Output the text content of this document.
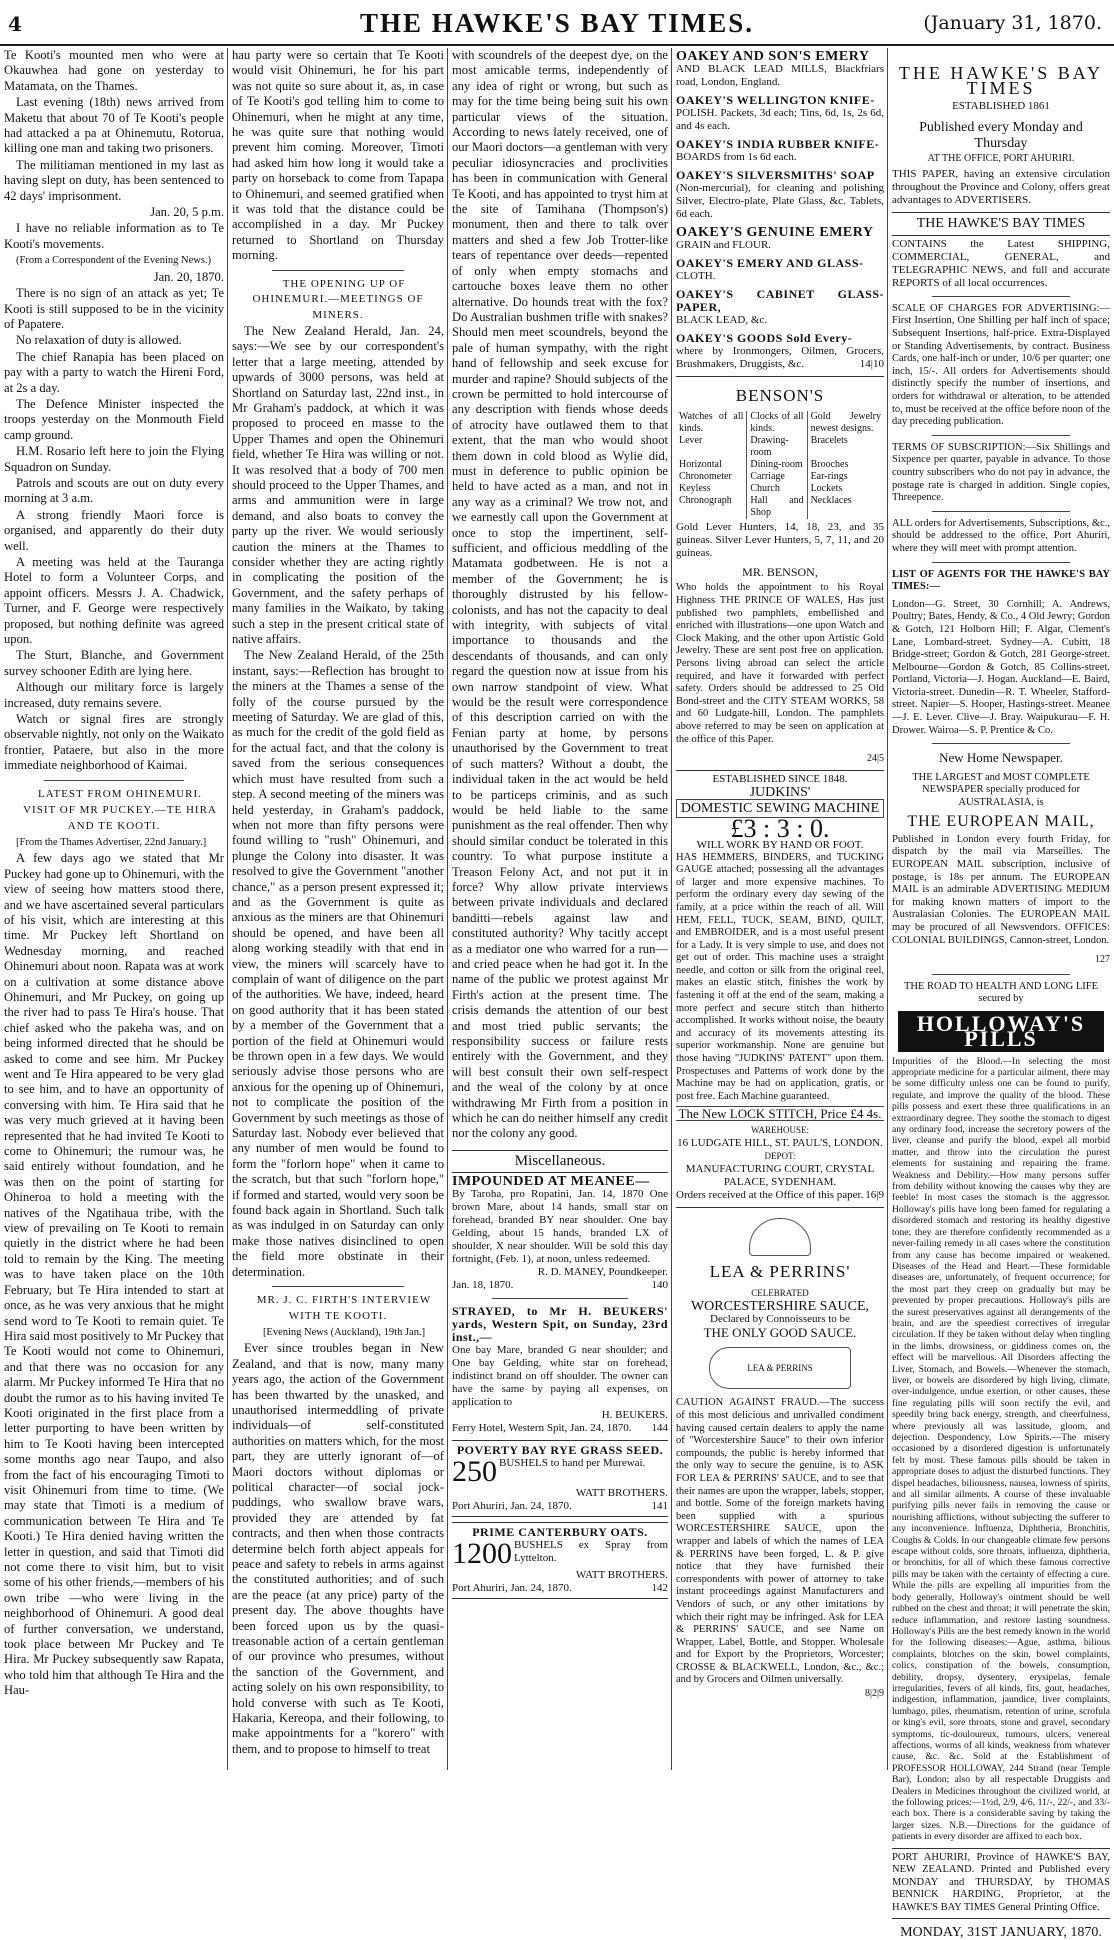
4	THE HAWKE'S BAY TIMES.	(January 31, 1870.

Te Kooti's mounted men who were at Okauwhea had gone on yesterday to Matamata, on the Thames.

Last evening (18th) news arrived from Maketu that about 70 of Te Kooti's people had attacked a pa at Ohinemutu, Rotorua, killing one man and taking two prisoners.

The militiaman mentioned in my last as having slept on duty, has been sentenced to 42 days' imprisonment.

Jan. 20, 5 p.m.

I have no reliable information as to Te Kooti's movements.

(From a Correspondent of the Evening News.)

Jan. 20, 1870.

There is no sign of an attack as yet; Te Kooti is still supposed to be in the vicinity of Papatere.

No relaxation of duty is allowed.

The chief Ranapia has been placed on pay with a party to watch the Hireni Ford, at 2s a day.

The Defence Minister inspected the troops yesterday on the Monmouth Field camp ground.

H.M. Rosario left here to join the Flying Squadron on Sunday.

Patrols and scouts are out on duty every morning at 3 a.m.

A strong friendly Maori force is organised, and apparently do their duty well.

A meeting was held at the Tauranga Hotel to form a Volunteer Corps, and appoint officers. Messrs J. A. Chadwick, Turner, and F. George were respectively proposed, but nothing definite was agreed upon.

The Sturt, Blanche, and Government survey schooner Edith are lying here.

Although our military force is largely increased, duty remains severe.

Watch or signal fires are strongly observable nightly, not only on the Waikato frontier, Pataere, but also in the more immediate neighborhood of Kaimai.

LATEST FROM OHINEMURI.

VISIT OF MR PUCKEY.—TE HIRA AND TE KOOTI.

[From the Thames Advertiser, 22nd January.]

A few days ago we stated that Mr Puckey had gone up to Ohinemuri, with the view of seeing how matters stood there, and we have ascertained several particulars of his visit, which are interesting at this time. Mr Puckey left Shortland on Wednesday morning, and reached Ohinemuri about noon. Rapata was at work on a cultivation at some distance above Ohinemuri, and Mr Puckey, on going up the river had to pass Te Hira's house. That chief asked who the pakeha was, and on being informed directed that he should be asked to come and see him. Mr Puckey went and Te Hira appeared to be very glad to see him, and to have an opportunity of conversing with him. Te Hira said that he was very much grieved at it having been represented that he had invited Te Kooti to come to Ohinemuri; the rumour was, he said entirely without foundation, and he was then on the point of starting for Ohineroa to hold a meeting with the natives of the Ngatihaua tribe, with the view of prevailing on Te Kooti to remain quietly in the district where he had been told to remain by the King. The meeting was to have taken place on the 10th February, but Te Hira intended to start at once, as he was very anxious that he might send word to Te Kooti to remain quiet. Te Hira said most positively to Mr Puckey that Te Kooti would not come to Ohinemuri, and that there was no occasion for any alarm. Mr Puckey informed Te Hira that no doubt the rumor as to his having invited Te Kooti originated in the first place from a letter purporting to have been written by him to Te Kooti having been intercepted some months ago near Taupo, and also from the fact of his encouraging Timoti to visit Ohinemuri from time to time. (We may state that Timoti is a medium of communication between Te Hira and Te Kooti.) Te Hira denied having written the letter in question, and said that Timoti did not come there to visit him, but to visit some of his other friends,—members of his own tribe —who were living in the neighborhood of Ohinemuri. A good deal of further conversation, we understand, took place between Mr Puckey and Te Hira. Mr Puckey subsequently saw Rapata, who told him that although Te Hira and the Hau-

hau party were so certain that Te Kooti would visit Ohinemuri, he for his part was not quite so sure about it, as, in case of Te Kooti's god telling him to come to Ohinemuri, when he might at any time, he was quite sure that nothing would prevent him coming. Moreover, Timoti had asked him how long it would take a party on horseback to come from Tapapa to Ohinemuri, and seemed gratified when it was told that the distance could be accomplished in a day. Mr Puckey returned to Shortland on Thursday morning.

THE OPENING UP OF OHINEMURI.—MEETINGS OF MINERS.

The New Zealand Herald, Jan. 24, says:—We see by our correspondent's letter that a large meeting, attended by upwards of 3000 persons, was held at Shortland on Saturday last, 22nd inst., in Mr Graham's paddock, at which it was proposed to proceed en masse to the Upper Thames and open the Ohinemuri field, whether Te Hira was willing or not. It was resolved that a body of 700 men should proceed to the Upper Thames, and arms and ammunition were in large demand, and also boats to convey the party up the river. We would seriously caution the miners at the Thames to consider whether they are acting rightly in complicating the position of the Government, and the safety perhaps of many families in the Waikato, by taking such a step in the present critical state of native affairs.

The New Zealand Herald, of the 25th instant, says:—Reflection has brought to the miners at the Thames a sense of the folly of the course pursued by the meeting of Saturday. We are glad of this, as much for the credit of the gold field as for the actual fact, and that the colony is saved from the serious consequences which must have resulted from such a step. A second meeting of the miners was held yesterday, in Graham's paddock, when not more than fifty persons were found willing to "rush" Ohinemuri, and plunge the Colony into disaster. It was resolved to give the Government "another chance," as a person present expressed it; and as the Government is quite as anxious as the miners are that Ohinemuri should be opened, and have been all along working steadily with that end in view, the miners will scarcely have to complain of want of diligence on the part of the authorities. We have, indeed, heard on good authority that it has been stated by a member of the Government that a portion of the field at Ohinemuri would be thrown open in a few days. We would seriously advise those persons who are anxious for the opening up of Ohinemuri, not to complicate the position of the Government by such meetings as those of Saturday last. Nobody ever believed that any number of men would be found to form the "forlorn hope" when it came to the scratch, but that such "forlorn hope," if formed and started, would very soon be found back again in Shortland. Such talk as was indulged in on Saturday can only make those natives disinclined to open the field more obstinate in their determination.

MR. J. C. FIRTH'S INTERVIEW WITH TE KOOTI.

[Evening News (Auckland), 19th Jan.]

Ever since troubles began in New Zealand, and that is now, many many years ago, the action of the Government has been thwarted by the unasked, and unauthorised intermeddling of private individuals—of self-constituted authorities on matters which, for the most part, they are utterly ignorant of—of Maori doctors without diplomas or political character—of social jock-puddings, who swallow brave wars, provided they are attended by fat contracts, and then when those contracts determine belch forth abject appeals for peace and safety to rebels in arms against the constituted authorities; and of such are the peace (at any price) party of the present day. The above thoughts have been forced upon us by the quasi-treasonable action of a certain gentleman of our province who presumes, without the sanction of the Government, and acting solely on his own responsibility, to hold converse with such as Te Kooti, Hakaria, Kereopa, and their following, to make appointments for a "korero" with them, and to propose to himself to treat

with scoundrels of the deepest dye, on the most amicable terms, independently of any idea of right or wrong, but such as may for the time being being suit his own particular views of the situation. According to news lately received, one of our Maori doctors—a gentleman with very peculiar idiosyncracies and proclivities has been in communication with General Te Kooti, and has appointed to tryst him at the site of Tamihana (Thompson's) monument, then and there to talk over matters and shed a few Job Trotter-like tears of repentance over deeds—repented of only when empty stomachs and cartouche boxes leave them no other alternative. Do hounds treat with the fox? Do Australian bushmen trifle with snakes? Should men meet scoundrels, beyond the pale of human sympathy, with the right hand of fellowship and seek excuse for murder and rapine? Should subjects of the crown be permitted to hold intercourse of any description with fiends whose deeds of atrocity have outlawed them to that extent, that the man who would shoot them down in cold blood as Wylie did, must in deference to public opinion be held to have acted as a man, and not in any way as a criminal? We trow not, and we earnestly call upon the Government at once to stop the impertinent, self-sufficient, and officious meddling of the Matamata godbetween. He is not a member of the Government; he is thoroughly distrusted by his fellow-colonists, and has not the capacity to deal with integrity, with subjects of vital importance to thousands and the descendants of thousands, and can only regard the question now at issue from his own narrow standpoint of view. What would be the result were correspondence of this description carried on with the Fenian party at home, by persons unauthorised by the Government to treat of such matters? Without a doubt, the individual taken in the act would be held to be particeps criminis, and as such would be held liable to the same punishment as the real offender. Then why should similar conduct be tolerated in this country. To what purpose institute a Treason Felony Act, and not put it in force? Why allow private interviews between private individuals and declared banditti—rebels against law and constituted authority? Why tacitly accept as a mediator one who warred for a run—and cried peace when he had got it. In the name of the public we protest against Mr Firth's action at the present time. The crisis demands the attention of our best and most tried public servants; the responsibility success or failure rests entirely with the Government, and they will best consult their own self-respect and the weal of the colony by at once withdrawing Mr Firth from a position in which he can do neither himself any credit nor the colony any good.

Miscellaneous.
IMPOUNDED AT MEANEE—
By Taroha, pro Ropatini, Jan. 14, 1870 One brown Mare, about 14 hands, small star on forehead, branded BY near shoulder. One bay Gelding, about 15 hands, branded LX of shoulder, X near shoulder. Will be sold this day fortnight, (Feb. 1), at noon, unless redeemed.
R. D. MANEY, Poundkeeper.
Jan. 18, 1870.	140
STRAYED, to Mr H. BEUKERS' yards, Western Spit, on Sunday, 23rd inst.,—
One bay Mare, branded G near shoulder; and One bay Gelding, white star on forehead, indistinct brand on off shoulder. The owner can have the same by paying all expenses, on application to
H. BEUKERS.
Ferry Hotel, Western Spit, Jan. 24, 1870. 144
POVERTY BAY RYE GRASS SEED.
250 BUSHELS to hand per Murewai.
WATT BROTHERS.
Port Ahuriri, Jan. 24, 1870.	141
PRIME CANTERBURY OATS.
1200 BUSHELS ex Spray from Lyttelton.
WATT BROTHERS.
Port Ahuriri, Jan. 24, 1870.	142
OAKEY AND SON'S EMERY
AND BLACK LEAD MILLS, Blackfriars road, London, England.
OAKEY'S WELLINGTON KNIFE-
POLISH. Packets, 3d each; Tins, 6d, 1s, 2s 6d, and 4s each.
OAKEY'S INDIA RUBBER KNIFE-
BOARDS from 1s 6d each.
OAKEY'S SILVERSMITHS' SOAP
(Non-mercurial), for cleaning and polishing Silver, Electro-plate, Plate Glass, &c. Tablets, 6d each.
OAKEY'S GENUINE EMERY
GRAIN and FLOUR.
OAKEY'S EMERY AND GLASS-
CLOTH.
OAKEY'S CABINET GLASS-PAPER,
BLACK LEAD, &c.
OAKEY'S GOODS Sold Every-
where by Ironmongers, Oilmen, Grocers, Brushmakers, Druggists, &c.	14|10
BENSON'S
Watches of all kinds.	Clocks of all kinds.	Gold Jewelry newest designs.
Lever	Drawing-room	Bracelets
Horizontal	Dining-room	Brooches
Chronometer	Carriage	Ear-rings
Keyless	Church	Lockets
Chronograph	Hall and Shop	Necklaces
Gold Lever Hunters, 14, 18, 23, and 35 guineas. Silver Lever Hunters, 5, 7, 11, and 20 guineas.
MR. BENSON,
Who holds the appointment to his Royal Highness THE PRINCE OF WALES, Has just published two pamphlets, embellished and enriched with illustrations—one upon Watch and Clock Making, and the other upon Artistic Gold Jewelry. These are sent post free on application. Persons living abroad can select the article required, and have it forwarded with perfect safety. Orders should be addressed to 25 Old Bond-street and the CITY STEAM WORKS, 58 and 60 Ludgate-hill, London. The pamphlets above referred to may be seen on application at the office of this Paper.
24|5
ESTABLISHED SINCE 1848.
JUDKINS'
DOMESTIC SEWING MACHINE
£3 : 3 : 0.
WILL WORK BY HAND OR FOOT.
HAS HEMMERS, BINDERS, and TUCKING GAUGE attached; possessing all the advantages of larger and more expensive machines. To perform the ordinary every day sewing of the family, at a price within the reach of all. Will HEM, FELL, TUCK, SEAM, BIND, QUILT, and EMBROIDER, and is a most useful present for a Lady. It is very simple to use, and does not get out of order. This machine uses a straight needle, and cotton or silk from the original reel, makes an elastic stitch, finishes the work by fastening it off at the end of the seam, making a more perfect and secure stitch than hitherto accomplished. It works without noise, the beauty and accuracy of its movements attesting its superior workmanship. None are genuine but those having "JUDKINS' PATENT" upon them. Prospectuses and Patterns of work done by the Machine may be had on application, gratis, or post free. Each Machine guaranteed.
The New LOCK STITCH, Price £4 4s.
WAREHOUSE:
16 LUDGATE HILL, ST. PAUL'S, LONDON.
DEPOT:
MANUFACTURING COURT, CRYSTAL PALACE, SYDENHAM.
Orders received at the Office of this paper. 16|9
LEA & PERRINS'
CELEBRATED
WORCESTERSHIRE SAUCE,
Declared by Connoisseurs to be
THE ONLY GOOD SAUCE.
LEA & PERRINS
CAUTION AGAINST FRAUD.—The success of this most delicious and unrivalled condiment having caused certain dealers to apply the name of "Worcestershire Sauce" to their own inferior compounds, the public is hereby informed that the only way to secure the genuine, is to ASK FOR LEA & PERRINS' SAUCE, and to see that their names are upon the wrapper, labels, stopper, and bottle. Some of the foreign markets having been supplied with a spurious WORCESTERSHIRE SAUCE, upon the wrapper and labels of which the names of LEA & PERRINS have been forged, L. & P. give notice that they have furnished their correspondents with power of attorney to take instant proceedings against Manufacturers and Vendors of such, or any other imitations by which their right may be infringed. Ask for LEA & PERRINS' SAUCE, and see Name on Wrapper, Label, Bottle, and Stopper. Wholesale and for Export by the Proprietors, Worcester; CROSSE & BLACKWELL, London, &c., &c.; and by Grocers and Oilmen universally.
8|2|9
THE HAWKE'S BAY TIMES
ESTABLISHED 1861
Published every Monday and Thursday
AT THE OFFICE, PORT AHURIRI.
THIS PAPER, having an extensive circulation throughout the Province and Colony, offers great advantages to ADVERTISERS.
THE HAWKE'S BAY TIMES
CONTAINS the Latest SHIPPING, COMMERCIAL, GENERAL, and TELEGRAPHIC NEWS, and full and accurate REPORTS of all local occurrences.
SCALE OF CHARGES FOR ADVERTISING:— First Insertion, One Shilling per half inch of space; Subsequent Insertions, half-price. Extra-Displayed or Standing Advertisements, by contract. Business Cards, one half-inch or under, 10/6 per quarter; one inch, 15/-. All orders for Advertisements should distinctly specify the number of insertions, and orders for withdrawal or alteration, to be attended to, must be received at the office before noon of the day preceding publication.
TERMS OF SUBSCRIPTION:—Six Shillings and Sixpence per quarter, payable in advance. To those country subscribers who do not pay in advance, the postage rate is charged in addition. Single copies, Threepence.
ALL orders for Advertisements, Subscriptions, &c., should be addressed to the office, Port Ahuriri, where they will meet with prompt attention.
LIST OF AGENTS FOR THE HAWKE'S BAY TIMES:—
London—G. Street, 30 Cornhill; A. Andrews, Poultry; Bates, Hendy, & Co., 4 Old Jewry; Gordon & Gotch, 121 Holborn Hill; F. Algar, Clement's Lane, Lombard-street. Sydney—A. Cubitt, 18 Bridge-street; Gordon & Gotch, 281 George-street. Melbourne—Gordon & Gotch, 85 Collins-street. Portland, Victoria—J. Hogan. Auckland—E. Baird, Victoria-street. Dunedin—R. T. Wheeler, Stafford-street. Napier—S. Hooper, Hastings-street. Meanee—J. E. Lever. Clive—J. Bray. Waipukurau—F. H. Drower. Wairoa—S. P. Prentice & Co.
New Home Newspaper.
THE LARGEST and MOST COMPLETE NEWSPAPER specially produced for AUSTRALASIA, is
THE EUROPEAN MAIL,
Published in London every fourth Friday, for dispatch by the mail via Marseilles. The EUROPEAN MAIL subscription, inclusive of postage, is 18s per annum. The EUROPEAN MAIL is an admirable ADVERTISING MEDIUM for making known matters of import to the Australasian Colonies. The EUROPEAN MAIL may be procured of all Newsvendors. OFFICES: COLONIAL BUILDINGS, Cannon-street, London.
127
THE ROAD TO HEALTH AND LONG LIFE secured by
HOLLOWAY'S PILLS
Impurities of the Blood.—In selecting the most appropriate medicine for a particular ailment, there may be some difficulty unless one can be found to purify, regulate, and improve the quality of the blood. These pills possess and exert these three qualifications in an extraordinary degree. They soothe the stomach to digest any ordinary food, increase the secretory powers of the liver, cleanse and purify the blood, expel all morbid matter, and throw into the circulation the purest elements for sustaining and repairing the frame. Weakness and Debility.—How many persons suffer from debility without knowing the causes why they are feeble! In most cases the stomach is the aggressor. Holloway's pills have long been famed for regulating a disordered stomach and restoring its healthy digestive tone; they are therefore confidently recommended as a never-failing remedy in all cases where the constitution from any cause has become impaired or weakened. Diseases of the Head and Heart.—These formidable diseases are, unfortunately, of frequent occurrence; for the most part they creep on gradually but may be prevented by proper precautions. Holloway's pills are the surest preservatives against all derangements of the brain, and are the speediest correctives of irregular circulation. If they be taken without delay when tingling in the limbs, drowsiness, or giddiness comes on, the effect will be marvellous. All Disorders affecting the Liver, Stomach, and Bowels.—Whenever the stomach, liver, or bowels are disordered by high living, climate, over-indulgence, undue exertion, or other causes, these fine regulating pills will soon rectify the evil, and speedily bring back energy, strength, and cheerfulness, where previously all was lassitude, gloom, and dejection. Despondency, Low Spirits.—The misery occasioned by a disordered digestion is unfortunately felt by most. These famous pills should be taken in appropriate doses to adjust the disturbed functions. They dispel headaches, biliousness, nausea, lowness of spirits, and all similar ailments. A course of these invaluable purifying pills never fails in removing the cause or nourishing afflictions, without subjecting the sufferer to any inconvenience. Influenza, Diphtheria, Bronchitis, Coughs & Colds. In our changeable climate few persons escape without colds, sore throats, influenza, diphtheria, or bronchitis, for all of which these famous corrective pills may be taken with the certainty of effecting a cure. While the pills are expelling all impurities from the body generally, Holloway's ointment should be well rubbed on the chest and throat; it will penetrate the skin, reduce inflammation, and restore lasting soundness. Holloway's Pills are the best remedy known in the world for the following diseases:—Ague, asthma, bilious complaints, blotches on the skin, bowel complaints, colics, constipation of the bowels, consumption, debility, dropsy, dysentery, erysipelas, female irregularities, fevers of all kinds, fits, gout, headaches, indigestion, inflammation, jaundice, liver complaints, lumbago, piles, rheumatism, retention of urine, scrofula or king's evil, sore throats, stone and gravel, secondary symptoms, tic-douloureux, tumours, ulcers, venereal affections, worms of all kinds, weakness from whatever cause, &c. &c. Sold at the Establishment of PROFESSOR HOLLOWAY, 244 Strand (near Temple Bar), London; also by all respectable Druggists and Dealers in Medicines throughout the civilized world, at the following prices:—1½d, 2/9, 4/6, 11/-, 22/-, and 33/- each box. There is a considerable saving by taking the larger sizes. N.B.—Directions for the guidance of patients in every disorder are affixed to each box.
PORT AHURIRI, Province of HAWKE'S BAY, NEW ZEALAND. Printed and Published every MONDAY and THURSDAY, by THOMAS BENNICK HARDING, Proprietor, at the HAWKE'S BAY TIMES General Printing Office.
MONDAY, 31ST JANUARY, 1870.
